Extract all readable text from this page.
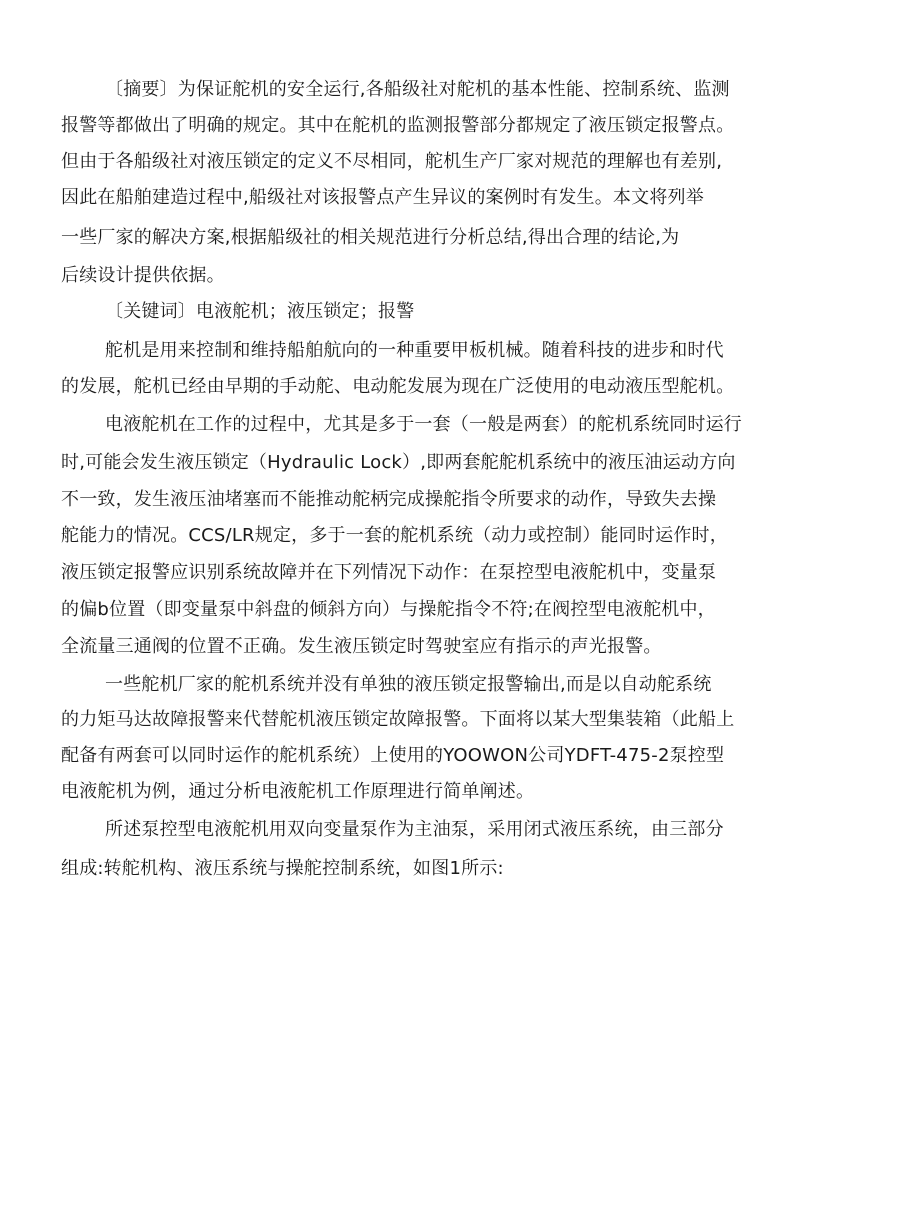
〔摘要〕为保证舵机的安全运行,各船级社对舵机的基本性能、控制系统、监测
报警等都做出了明确的规定。其中在舵机的监测报警部分都规定了液压锁定报警点。
但由于各船级社对液压锁定的定义不尽相同，舵机生产厂家对规范的理解也有差别,
因此在船舶建造过程中,船级社对该报警点产生异议的案例时有发生。本文将列举
一些厂家的解决方案,根据船级社的相关规范进行分析总结,得出合理的结论,为
后续设计提供依据。
〔关键词〕电液舵机；液压锁定；报警
舵机是用来控制和维持船舶航向的一种重要甲板机械。随着科技的进步和时代
的发展，舵机已经由早期的手动舵、电动舵发展为现在广泛使用的电动液压型舵机。
电液舵机在工作的过程中，尤其是多于一套（一般是两套）的舵机系统同时运行
时,可能会发生液压锁定（Hydraulic Lock）,即两套舵舵机系统中的液压油运动方向
不一致，发生液压油堵塞而不能推动舵柄完成操舵指令所要求的动作，导致失去操
舵能力的情况。CCS/LR规定，多于一套的舵机系统（动力或控制）能同时运作时，
液压锁定报警应识别系统故障并在下列情况下动作：在泵控型电液舵机中，变量泵
的偏b位置（即变量泵中斜盘的倾斜方向）与操舵指令不符;在阀控型电液舵机中，
全流量三通阀的位置不正确。发生液压锁定时驾驶室应有指示的声光报警。
一些舵机厂家的舵机系统并没有单独的液压锁定报警输出,而是以自动舵系统
的力矩马达故障报警来代替舵机液压锁定故障报警。下面将以某大型集装箱（此船上
配备有两套可以同时运作的舵机系统）上使用的YOOWON公司YDFT-475-2泵控型
电液舵机为例，通过分析电液舵机工作原理进行简单阐述。
所述泵控型电液舵机用双向变量泵作为主油泵，采用闭式液压系统，由三部分
组成:转舵机构、液压系统与操舵控制系统，如图1所示:
